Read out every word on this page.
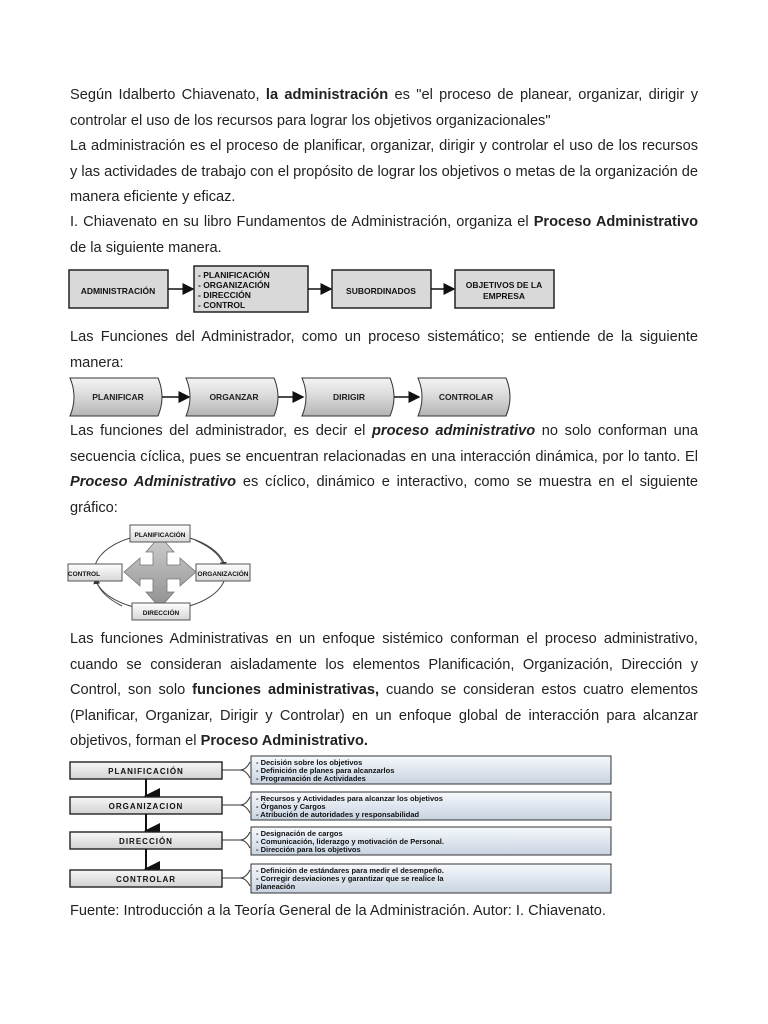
Según Idalberto Chiavenato, la administración es "el proceso de planear, organizar, dirigir y controlar el uso de los recursos para lograr los objetivos organizacionales"

La administración es el proceso de planificar, organizar, dirigir y controlar el uso de los recursos y las actividades de trabajo con el propósito de lograr los objetivos o metas de la organización de manera eficiente y eficaz.

I. Chiavenato en su libro Fundamentos de Administración, organiza el Proceso Administrativo de la siguiente manera.

ADMINISTRACIÓN
- PLANIFICACIÓN
- ORGANIZACIÓN
- DIRECCIÓN
- CONTROL
SUBORDINADOS
OBJETIVOS DE LA
EMPRESA

Las Funciones del Administrador, como un proceso sistemático; se entiende de la siguiente manera:

PLANIFICAR	ORGANZAR	DIRIGIR	CONTROLAR

Las funciones del administrador, es decir el proceso administrativo no solo conforman una secuencia cíclica, pues se encuentran relacionadas en una interacción dinámica, por lo tanto. El Proceso Administrativo es cíclico, dinámico e interactivo, como se muestra en el siguiente gráfico:

PLANIFICACIÓN
CONTROL	ORGANIZACIÓN
DIRECCIÓN

Las funciones Administrativas en un enfoque sistémico conforman el proceso administrativo, cuando se consideran aisladamente los elementos Planificación, Organización, Dirección y Control, son solo funciones administrativas, cuando se consideran estos cuatro elementos (Planificar, Organizar, Dirigir y Controlar) en un enfoque global de interacción para alcanzar objetivos, forman el Proceso Administrativo.

PLANIFICACIÓN
- Decisión sobre los objetivos
- Definición de planes para alcanzarlos
- Programación de Actividades
ORGANIZACION
- Recursos y Actividades para alcanzar los objetivos
- Órganos y Cargos
- Atribución de autoridades y responsabilidad
DIRECCIÓN
- Designación de cargos
- Comunicación, liderazgo y motivación de Personal.
- Dirección para los objetivos
CONTROLAR
- Definición de estándares para medir el desempeño.
- Corregir desviaciones y garantizar que se realice la
planeación

Fuente: Introducción a la Teoría General de la Administración. Autor: I. Chiavenato.
